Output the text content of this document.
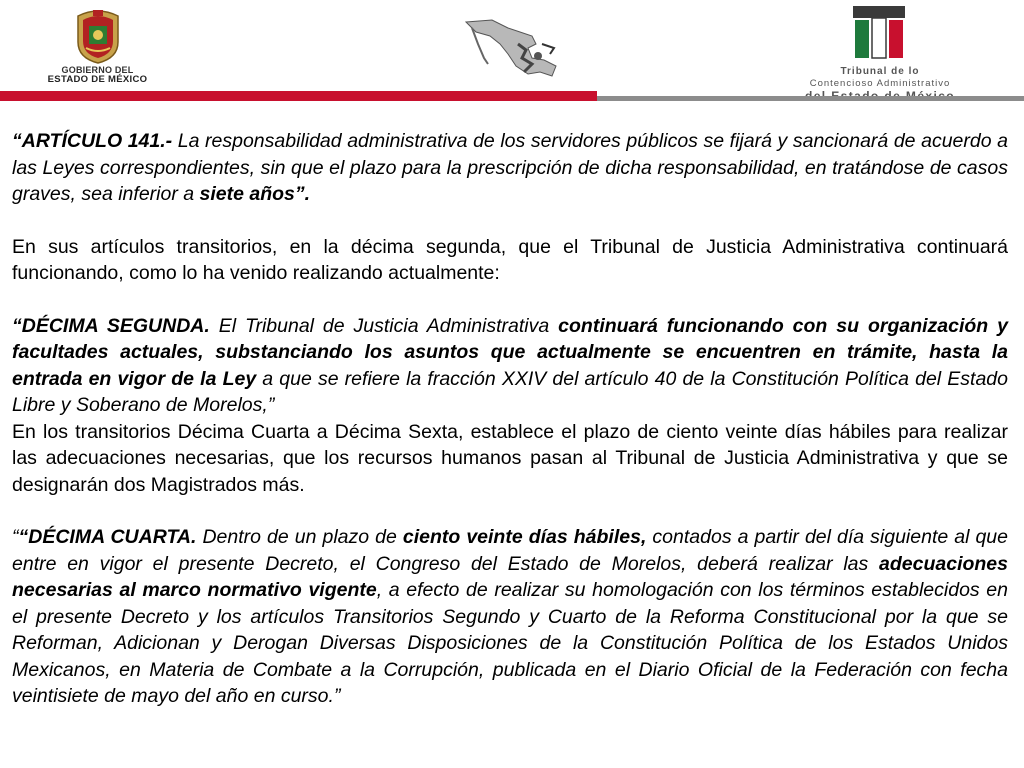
GOBIERNO DEL
ESTADO DE MÉXICO
Tribunal de lo
Contencioso Administrativo

“ARTÍCULO 141.- La responsabilidad administrativa de los servidores públicos se fijará y sancionará de acuerdo a las Leyes correspondientes, sin que el plazo para la prescripción de dicha responsabilidad, en tratándose de casos graves, sea inferior a siete años”.

En sus artículos transitorios, en la décima segunda, que el Tribunal de Justicia Administrativa continuará funcionando, como lo ha venido realizando actualmente:

“DÉCIMA SEGUNDA. El Tribunal de Justicia Administrativa continuará funcionando con su organización y facultades actuales, substanciando los asuntos que actualmente se encuentren en trámite, hasta la entrada en vigor de la Ley a que se refiere la fracción XXIV del artículo 40 de la Constitución Política del Estado Libre y Soberano de Morelos,”

En los transitorios Décima Cuarta a Décima Sexta, establece el plazo de ciento veinte días hábiles para realizar las adecuaciones necesarias, que los recursos humanos pasan al Tribunal de Justicia Administrativa y que se designarán dos Magistrados más.

““DÉCIMA CUARTA. Dentro de un plazo de ciento veinte días hábiles, contados a partir del día siguiente al que entre en vigor el presente Decreto, el Congreso del Estado de Morelos, deberá realizar las adecuaciones necesarias al marco normativo vigente, a efecto de realizar su homologación con los términos establecidos en el presente Decreto y los artículos Transitorios Segundo y Cuarto de la Reforma Constitucional por la que se Reforman, Adicionan y Derogan Diversas Disposiciones de la Constitución Política de los Estados Unidos Mexicanos, en Materia de Combate a la Corrupción, publicada en el Diario Oficial de la Federación con fecha veintisiete de mayo del año en curso.”
